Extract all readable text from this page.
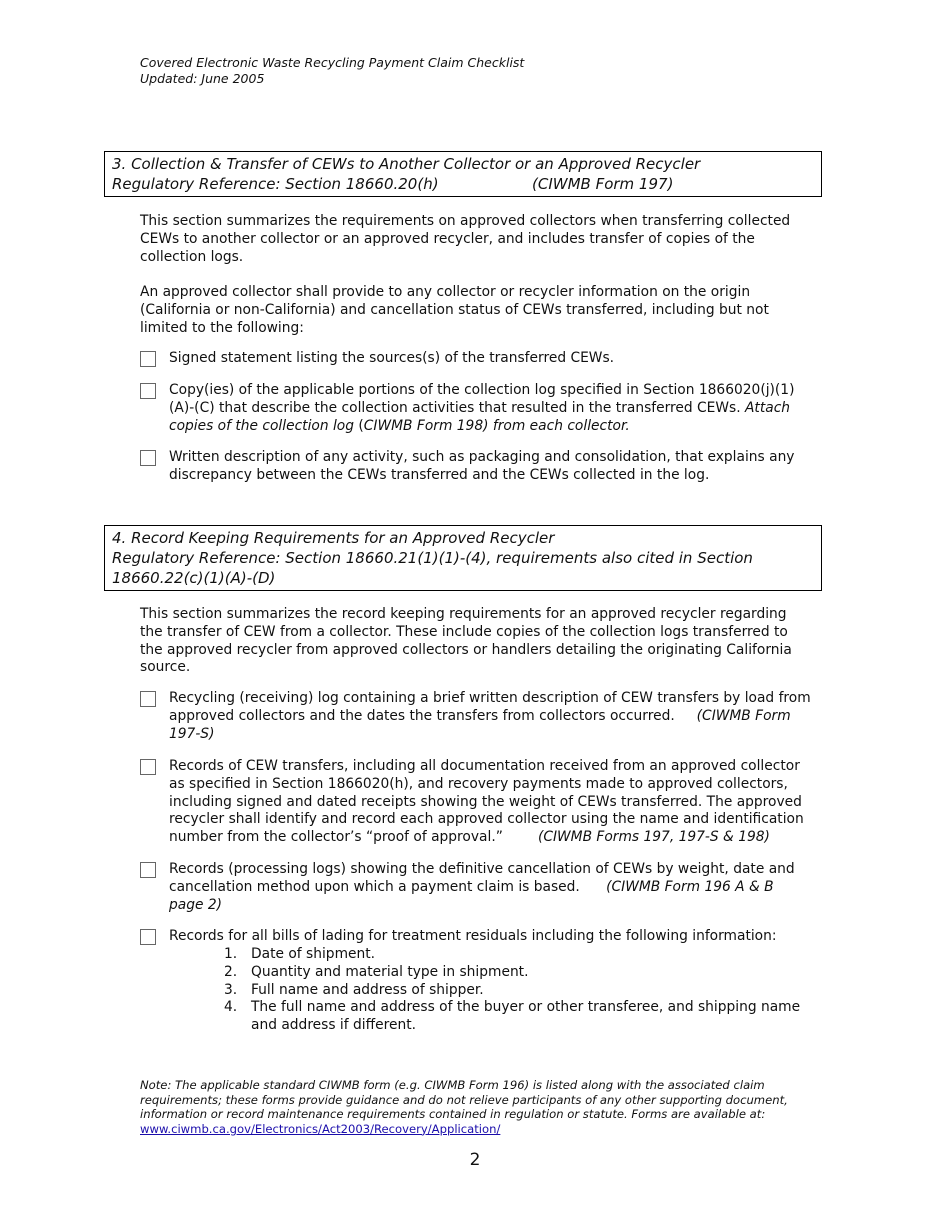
Covered Electronic Waste Recycling Payment Claim Checklist
Updated: June 2005
3. Collection & Transfer of CEWs to Another Collector or an Approved Recycler
Regulatory Reference: Section 18660.20(h)	(CIWMB Form 197)
This section summarizes the requirements on approved collectors when transferring collected CEWs to another collector or an approved recycler, and includes transfer of copies of the collection logs.
An approved collector shall provide to any collector or recycler information on the origin (California or non-California) and cancellation status of CEWs transferred, including but not limited to the following:
Signed statement listing the sources(s) of the transferred CEWs.
Copy(ies) of the applicable portions of the collection log specified in Section 1866020(j)(1)(A)-(C) that describe the collection activities that resulted in the transferred CEWs. Attach copies of the collection log (CIWMB Form 198) from each collector.
Written description of any activity, such as packaging and consolidation, that explains any discrepancy between the CEWs transferred and the CEWs collected in the log.
4. Record Keeping Requirements for an Approved Recycler
Regulatory Reference: Section 18660.21(1)(1)-(4), requirements also cited in Section 18660.22(c)(1)(A)-(D)
This section summarizes the record keeping requirements for an approved recycler regarding the transfer of CEW from a collector. These include copies of the collection logs transferred to the approved recycler from approved collectors or handlers detailing the originating California source.
Recycling (receiving) log containing a brief written description of CEW transfers by load from approved collectors and the dates the transfers from collectors occurred. (CIWMB Form 197-S)
Records of CEW transfers, including all documentation received from an approved collector as specified in Section 1866020(h), and recovery payments made to approved collectors, including signed and dated receipts showing the weight of CEWs transferred. The approved recycler shall identify and record each approved collector using the name and identification number from the collector’s “proof of approval.”	(CIWMB Forms 197, 197-S & 198)
Records (processing logs) showing the definitive cancellation of CEWs by weight, date and cancellation method upon which a payment claim is based. (CIWMB Form 196 A & B page 2)
Records for all bills of lading for treatment residuals including the following information:
1.	Date of shipment.
2.	Quantity and material type in shipment.
3.	Full name and address of shipper.
4.	The full name and address of the buyer or other transferee, and shipping name and address if different.
Note: The applicable standard CIWMB form (e.g. CIWMB Form 196) is listed along with the associated claim requirements; these forms provide guidance and do not relieve participants of any other supporting document, information or record maintenance requirements contained in regulation or statute. Forms are available at:
www.ciwmb.ca.gov/Electronics/Act2003/Recovery/Application/
2
